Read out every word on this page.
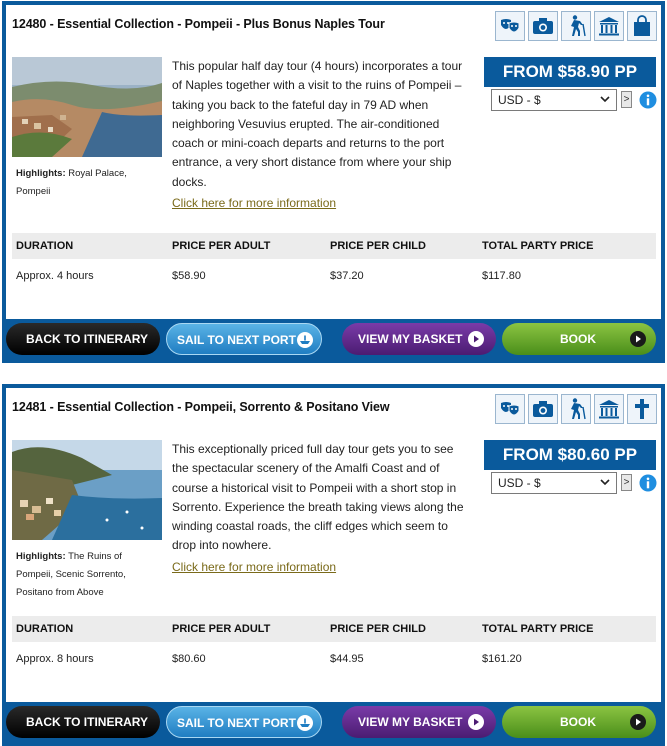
12480 - Essential Collection - Pompeii - Plus Bonus Naples Tour
Highlights: Royal Palace, Pompeii
This popular half day tour (4 hours) incorporates a tour of Naples together with a visit to the ruins of Pompeii – taking you back to the fateful day in 79 AD when neighboring Vesuvius erupted. The air-conditioned coach or mini-coach departs and returns to the port entrance, a very short distance from where your ship docks.
Click here for more information
FROM $58.90 PP
USD - $	>
DURATION	PRICE PER ADULT	PRICE PER CHILD	TOTAL PARTY PRICE
Approx. 4 hours	$58.90	$37.20	$117.80
BACK TO ITINERARY SAIL TO NEXT PORT	VIEW MY BASKET	BOOK
12481 - Essential Collection - Pompeii, Sorrento & Positano View
Highlights: The Ruins of Pompeii, Scenic Sorrento, Positano from Above
This exceptionally priced full day tour gets you to see the spectacular scenery of the Amalfi Coast and of course a historical visit to Pompeii with a short stop in Sorrento. Experience the breath taking views along the winding coastal roads, the cliff edges which seem to drop into nowhere.
Click here for more information
FROM $80.60 PP
USD - $	>
DURATION	PRICE PER ADULT	PRICE PER CHILD	TOTAL PARTY PRICE
Approx. 8 hours	$80.60	$44.95	$161.20
BACK TO ITINERARY SAIL TO NEXT PORT	VIEW MY BASKET	BOOK
